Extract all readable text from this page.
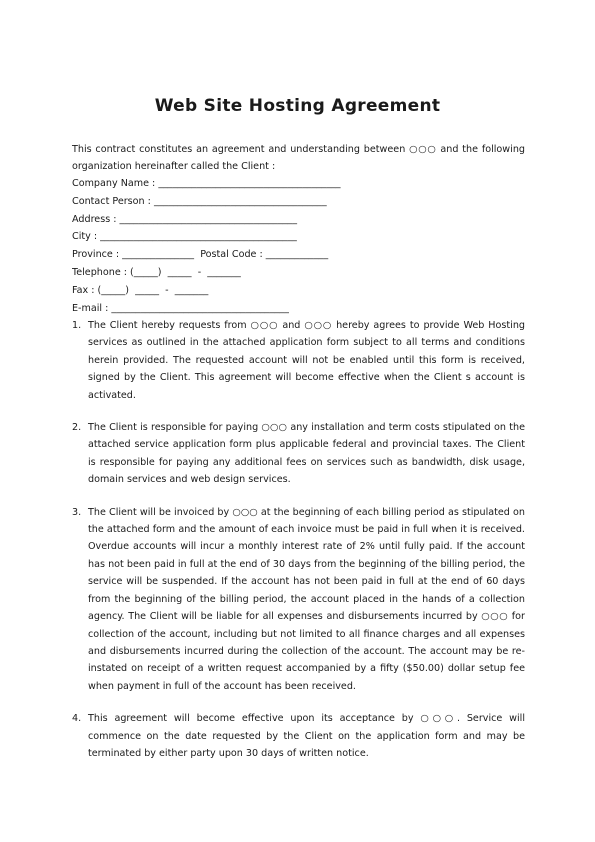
Web Site Hosting Agreement

This contract constitutes an agreement and understanding between ○○○ and the following organization hereinafter called the Client :

Company Name : ______________________________________
Contact Person : ____________________________________
Address : _____________________________________
City : _________________________________________
Province : _______________  Postal Code : _____________
Telephone : (_____)  _____  -  _______
Fax : (_____)  _____  -  _______
E-mail : _____________________________________
1. The Client hereby requests from ○○○ and ○○○ hereby agrees to provide Web Hosting services as outlined in the attached application form subject to all terms and conditions herein provided. The requested account will not be enabled until this form is received, signed by the Client. This agreement will become effective when the Client s account is activated.
2. The Client is responsible for paying ○○○ any installation and term costs stipulated on the attached service application form plus applicable federal and provincial taxes. The Client is responsible for paying any additional fees on services such as bandwidth, disk usage, domain services and web design services.
3. The Client will be invoiced by ○○○ at the beginning of each billing period as stipulated on the attached form and the amount of each invoice must be paid in full when it is received. Overdue accounts will incur a monthly interest rate of 2% until fully paid. If the account has not been paid in full at the end of 30 days from the beginning of the billing period, the service will be suspended. If the account has not been paid in full at the end of 60 days from the beginning of the billing period, the account placed in the hands of a collection agency. The Client will be liable for all expenses and disbursements incurred by ○○○ for collection of the account, including but not limited to all finance charges and all expenses and disbursements incurred during the collection of the account. The account may be re-instated on receipt of a written request accompanied by a fifty ($50.00) dollar setup fee when payment in full of the account has been received.
4. This agreement will become effective upon its acceptance by ○○○. Service will commence on the date requested by the Client on the application form and may be terminated by either party upon 30 days of written notice.
